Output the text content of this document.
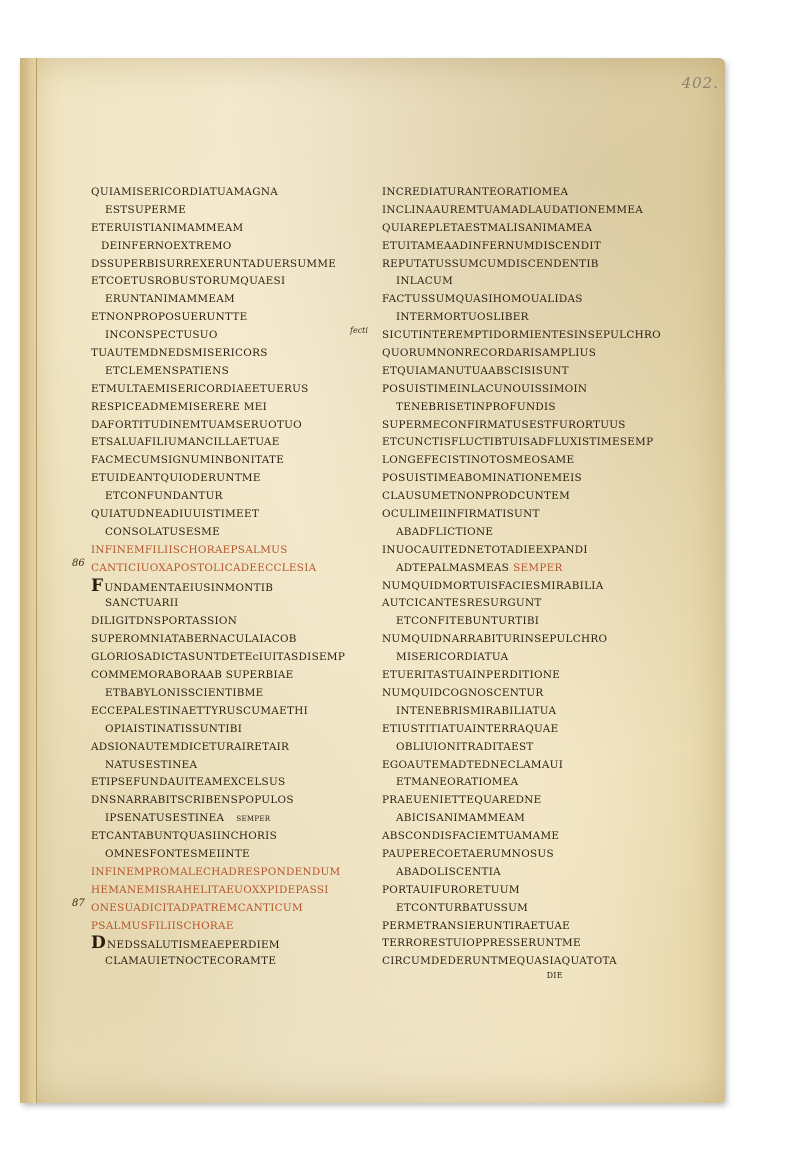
402.
QUIAMISERICORDIATUAMAGNA
ESTSUPERME
ETERUISTIANIMAMMEAM
DEINFERNOEXTREMO
DSSUPERBISURREXERUNTADUERSUMME
ETCOETUSROBUSTORUMQUAESI
ERUNTANIMAMMEAM
ETNONPROPOSUERUNTTE
INCONSPECTUSUO
TUAUTEMDNEDSMISERICORS
ETCLEMENSPATIENS
ETMULTAEMISERICORDIAEETUERUS
RESPICEADMEMISERERE MEI
DAFORTITUDINEMTUAMSERUOTUO
ETSALUAFILIUMANCILLAETUAE
FACMECUMSIGNUMINBONITATE
ETUIDEANTQUIODERUNTME
ETCONFUNDANTUR
QUIATUDNEADIUUISTIMEET
CONSOLATUSESME
INFINEMFILIISCHORAEPSALMUS
CANTICIUOXAPOSTOLICADEECCLESIA
FUNDAMENTAEIUSINMONTIB
SANCTUARII
DILIGITDNSPORTASSION
SUPEROMNIATABERNACULAIACOB
GLORIOSADICTASUNTDETEcIUITASDISEMP
COMMEMORABORAAB SUPERBIAE
ETBABYLONISSCIENTIBME
ECCEPALESTINAETTYRUSCUMAETHI
OPIAISTINATISSUNTIBI
ADSIONAUTEMDICETURAIRETAIR
NATUSESTINEA
ETIPSEFUNDAUITEAMEXCELSUS
DNSNARRABITSCRIBENSPOPULOS
IPSENATUSESTINEA SEMPER
ETCANTABUNTQUASIINCHORIS
OMNESFONTESMEIINTE
INFINEMPROMALECHADRESPONDENDUM
HEMANEMISRAHELITAEUOXXPIDEPASSI
ONESUADICITADPATREMCANTICUM
PSALMUSFILIISCHORAE
DNEDSSALUTISMEAEPERDIEM
CLAMAUIETNOCTECORAMTE
INCREDIATURANTEORATIOMEA
INCLINAAUREMTUAMADLAUDATIONEMMEA
QUIAREPLETAESTMALISANIMAMEA
ETUITAMEAADINFERNUMDISCENDIT
REPUTATUSSUMCUMDISCENDENTIB
INLACUM
FACTUSSUMQUASIHOMOUALIDAS
INTERMORTUOSLIBER
SICUTINTEREMPTIDORMIENTESINSEPULCHRO
QUORUMNONRECORDARISAMPLIUS
ETQUIAMANUTUAABSCISISUNT
POSUISTIMEINLACUNOUISSIMOIN
TENEBRISETINPROFUNDIS
SUPERMECONFIRMATUSESTFURORTUUS
ETCUNCTISFLUCTIBTUISADFLUXISTIMESEMP
LONGEFECISTINOTOSMEOSAME
POSUISTIMEABOMINATIONEMEIS
CLAUSUMETNONPRODCUNTEM
OCULIMEIINFIRMATISUNT
ABADFLICTIONE
INUOCAUITEDNETOTADIEEXPANDI
ADTEPALMASMEAS SEMPER
NUMQUIDMORTUISFACIESMIRABILIA
AUTCICANTESRESURGUNT
ETCONFITEBUNTURTIBI
NUMQUIDNARRABITURINSEPULCHRO
MISERICORDIATUA
ETUERITASTUAINPERDITIONE
NUMQUIDCOGNOSCENTUR
INTENEBRISMIRABILIATUA
ETIUSTITIATUAINTERRAQUAE
OBLIUIONITRADITAEST
EGOAUTEMADTEDNECLAMAUI
ETMANEORATIOMEA
PRAEUENIETTEQUAREDNE
ABICISANIMAMMEAM
ABSCONDISFACIEMTUAMAME
PAUPERECOETAERUMNOSUS
ABADOLISCENTIA
PORTAUIFURORETUUM
ETCONTURBATUSSUM
PERMETRANSIERUNTIRAETUAE
TERRORESTUIOPPRESSERUNTME
CIRCUMDEDERUNTMEQUASIAQUATOTA
DIE
86
87
fecti
